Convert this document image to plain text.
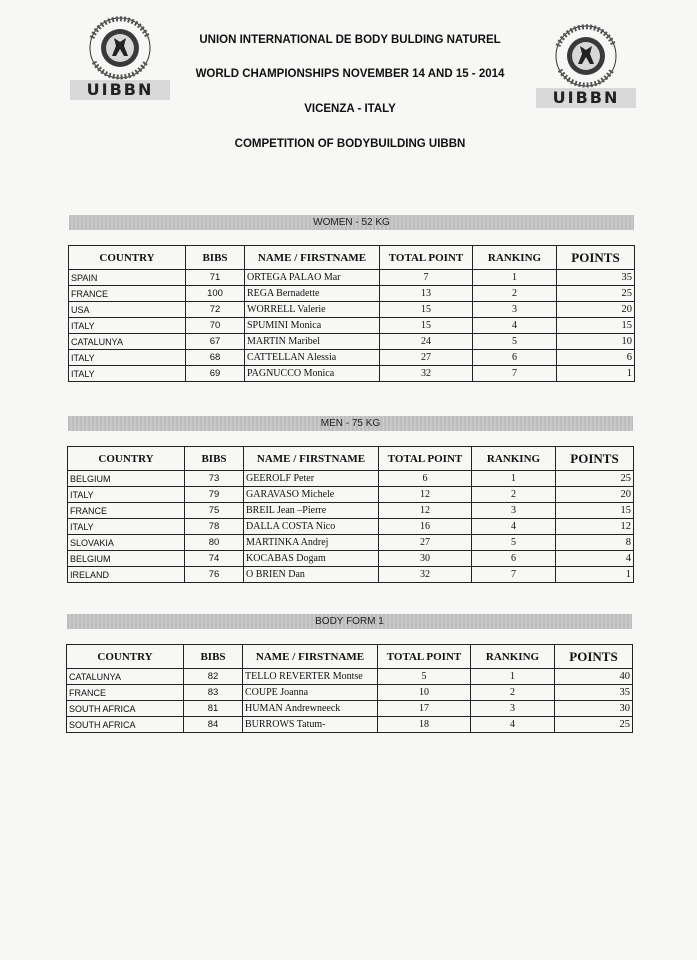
UIBBN	UIBBN
UNION INTERNATIONAL DE BODY BULDING NATUREL
WORLD CHAMPIONSHIPS NOVEMBER 14 AND 15 - 2014
VICENZA - ITALY
COMPETITION OF BODYBUILDING UIBBN
WOMEN - 52 KG
COUNTRY	BIBS	NAME / FIRSTNAME	TOTAL POINT	RANKING	POINTS
SPAIN	71	ORTEGA PALAO Mar	7	1	35
FRANCE	100	REGA Bernadette	13	2	25
USA	72	WORRELL Valerie	15	3	20
ITALY	70	SPUMINI Monica	15	4	15
CATALUNYA	67	MARTIN Maribel	24	5	10
ITALY	68	CATTELLAN Alessia	27	6	6
ITALY	69	PAGNUCCO Monica	32	7	1
MEN - 75 KG
COUNTRY	BIBS	NAME / FIRSTNAME	TOTAL POINT	RANKING	POINTS
BELGIUM	73	GEEROLF Peter	6	1	25
ITALY	79	GARAVASO Michele	12	2	20
FRANCE	75	BREIL Jean –Pierre	12	3	15
ITALY	78	DALLA COSTA Nico	16	4	12
SLOVAKIA	80	MARTINKA Andrej	27	5	8
BELGIUM	74	KOCABAS Dogam	30	6	4
IRELAND	76	O BRIEN Dan	32	7	1
BODY FORM 1
COUNTRY	BIBS	NAME / FIRSTNAME	TOTAL POINT	RANKING	POINTS
CATALUNYA	82	TELLO REVERTER Montse	5	1	40
FRANCE	83	COUPE Joanna	10	2	35
SOUTH AFRICA	81	HUMAN Andrewneeck	17	3	30
SOUTH AFRICA	84	BURROWS Tatum-	18	4	25
